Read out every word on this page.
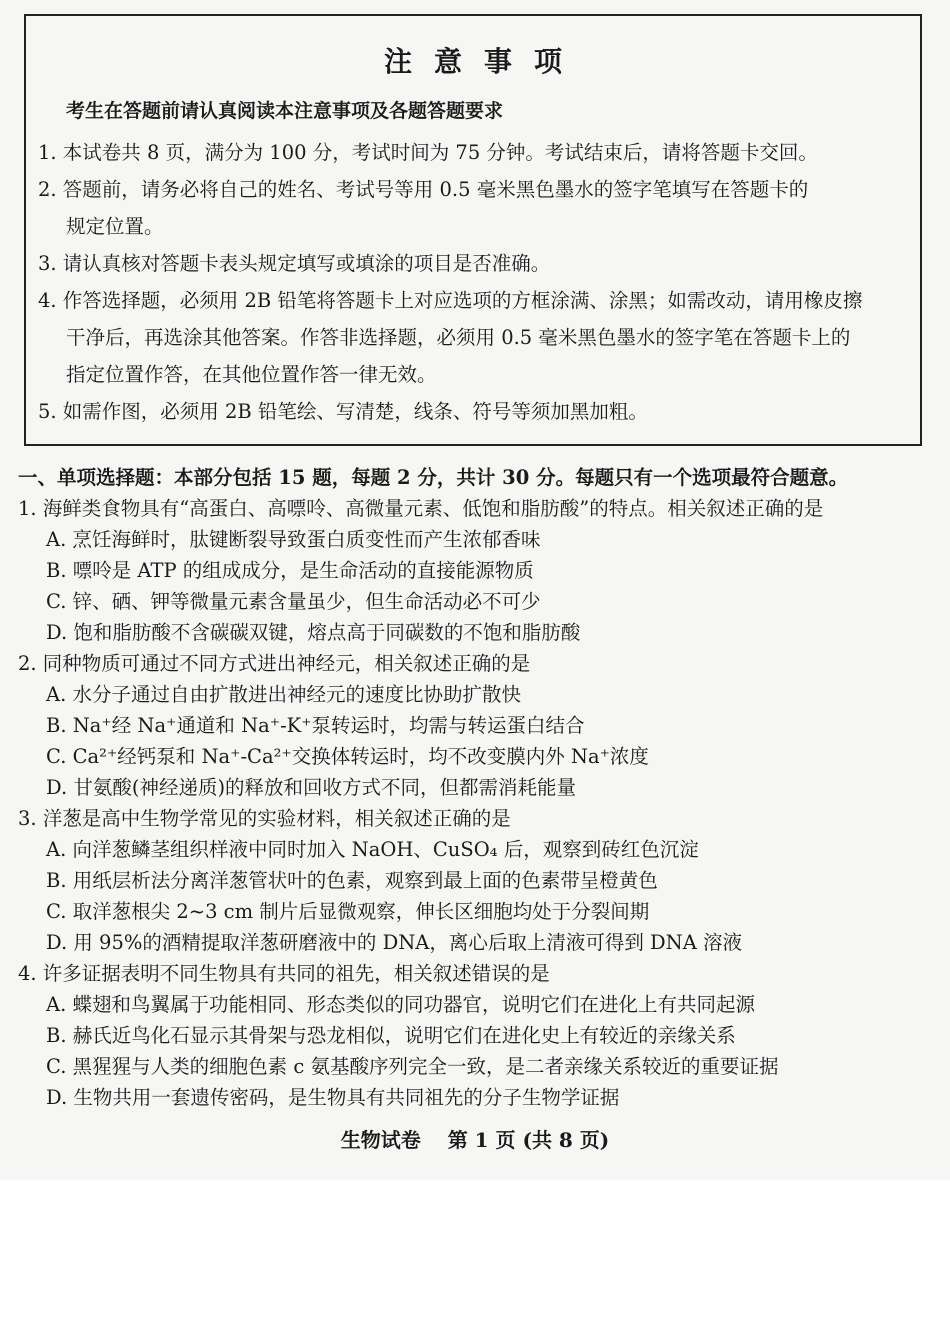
注意事项
考生在答题前请认真阅读本注意事项及各题答题要求
1. 本试卷共 8 页，满分为 100 分，考试时间为 75 分钟。考试结束后，请将答题卡交回。
2. 答题前，请务必将自己的姓名、考试号等用 0.5 毫米黑色墨水的签字笔填写在答题卡的
规定位置。
3. 请认真核对答题卡表头规定填写或填涂的项目是否准确。
4. 作答选择题，必须用 2B 铅笔将答题卡上对应选项的方框涂满、涂黑；如需改动，请用橡皮擦
干净后，再选涂其他答案。作答非选择题，必须用 0.5 毫米黑色墨水的签字笔在答题卡上的
指定位置作答，在其他位置作答一律无效。
5. 如需作图，必须用 2B 铅笔绘、写清楚，线条、符号等须加黑加粗。
一、单项选择题：本部分包括 15 题，每题 2 分，共计 30 分。每题只有一个选项最符合题意。
1. 海鲜类食物具有“高蛋白、高嘌呤、高微量元素、低饱和脂肪酸”的特点。相关叙述正确的是
A. 烹饪海鲜时，肽键断裂导致蛋白质变性而产生浓郁香味
B. 嘌呤是 ATP 的组成成分，是生命活动的直接能源物质
C. 锌、硒、钾等微量元素含量虽少，但生命活动必不可少
D. 饱和脂肪酸不含碳碳双键，熔点高于同碳数的不饱和脂肪酸
2. 同种物质可通过不同方式进出神经元，相关叙述正确的是
A. 水分子通过自由扩散进出神经元的速度比协助扩散快
B. Na⁺经 Na⁺通道和 Na⁺-K⁺泵转运时，均需与转运蛋白结合
C. Ca²⁺经钙泵和 Na⁺-Ca²⁺交换体转运时，均不改变膜内外 Na⁺浓度
D. 甘氨酸(神经递质)的释放和回收方式不同，但都需消耗能量
3. 洋葱是高中生物学常见的实验材料，相关叙述正确的是
A. 向洋葱鳞茎组织样液中同时加入 NaOH、CuSO₄ 后，观察到砖红色沉淀
B. 用纸层析法分离洋葱管状叶的色素，观察到最上面的色素带呈橙黄色
C. 取洋葱根尖 2~3 cm 制片后显微观察，伸长区细胞均处于分裂间期
D. 用 95%的酒精提取洋葱研磨液中的 DNA，离心后取上清液可得到 DNA 溶液
4. 许多证据表明不同生物具有共同的祖先，相关叙述错误的是
A. 蝶翅和鸟翼属于功能相同、形态类似的同功器官，说明它们在进化上有共同起源
B. 赫氏近鸟化石显示其骨架与恐龙相似，说明它们在进化史上有较近的亲缘关系
C. 黑猩猩与人类的细胞色素 c 氨基酸序列完全一致，是二者亲缘关系较近的重要证据
D. 生物共用一套遗传密码，是生物具有共同祖先的分子生物学证据
生物试卷 第 1 页 (共 8 页)
